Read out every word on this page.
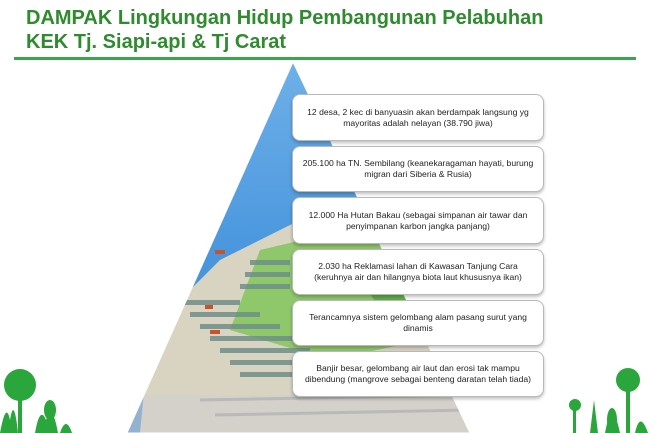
DAMPAK Lingkungan Hidup Pembangunan Pelabuhan
KEK Tj. Siapi-api & Tj Carat
12 desa, 2 kec di banyuasin akan berdampak langsung yg mayoritas adalah nelayan (38.790 jiwa)
205.100 ha TN. Sembilang (keanekaragaman hayati, burung migran dari Siberia & Rusia)
12.000 Ha Hutan Bakau (sebagai simpanan air tawar dan penyimpanan karbon jangka panjang)
2.030 ha Reklamasi lahan di Kawasan Tanjung Cara (keruhnya air dan hilangnya biota laut khususnya ikan)
Terancamnya sistem gelombang alam pasang surut yang dinamis
Banjir besar, gelombang air laut dan erosi tak mampu dibendung (mangrove sebagai benteng daratan telah tiada)
